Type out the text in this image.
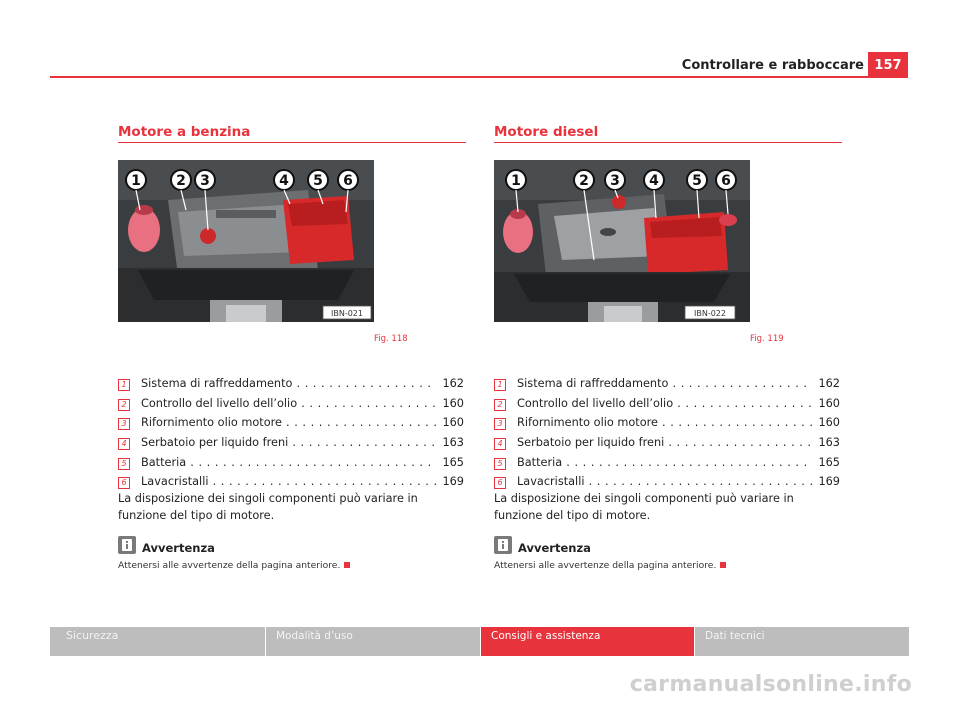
Controllare e rabboccare 157
Motore a benzina
IBN-021
1	2 3	4 5 6
Fig. 118
1	Sistema di raffreddamento . . .	162
2	Controllo del livello dell’olio . . .	160
3	Rifornimento olio motore . . .	160
4	Serbatoio per liquido freni . . .	163
5	Batteria . . .	165
6	Lavacristalli . . .	169
La disposizione dei singoli componenti può variare in funzione del tipo di motore.
Avvertenza
Attenersi alle avvertenze della pagina anteriore.
Motore diesel
IBN-022
1	2 3 4 5 6
Fig. 119
1	Sistema di raffreddamento . . .	162
2	Controllo del livello dell’olio . . .	160
3	Rifornimento olio motore . . .	160
4	Serbatoio per liquido freni . . .	163
5	Batteria . . .	165
6	Lavacristalli . . .	169
La disposizione dei singoli componenti può variare in funzione del tipo di motore.
Avvertenza
Attenersi alle avvertenze della pagina anteriore.
Sicurezza	Modalità d’uso	Consigli e assistenza	Dati tecnici
carmanualsonline.info
